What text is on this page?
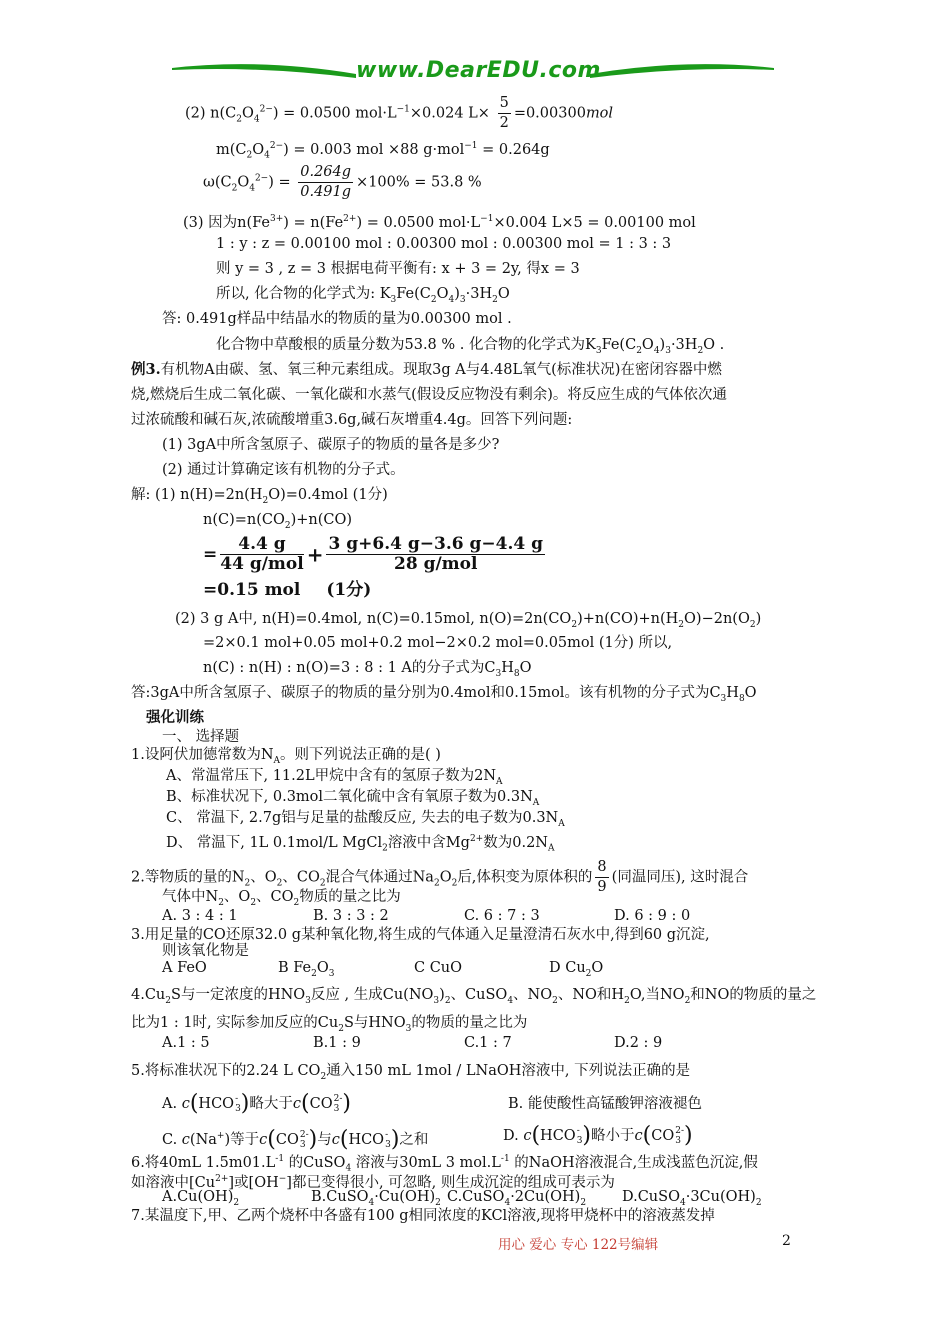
www.DearEDU.com
(2) $n(C_2O_4^{2-}) = 0.0500$ $mol\cdot L^{-1}\times 0.024$ $L\times \frac{5}{2} =0.00300mol$
$m(C_2O_4^{2-}) = 0.003$ mol ×88 g·mol$^{-1}$ = 0.264g
$\omega(C_2O_4^{2-}) = \frac{0.264g}{0.491g} \times 100\% = 53.8$ %
(3) 因为$n(Fe^{3+}) = n(Fe^{2+}) = 0.0500$ $mol\cdot L^{-1}\times 0.004$ L×5 = 0.00100 mol
1 : y : z = 0.00100 mol : 0.00300 mol : 0.00300 mol = 1 : 3 : 3
则 y = 3 , z = 3 根据电荷平衡有: x + 3 = 2y, 得x = 3
所以, 化合物的化学式为: $K_3Fe(C_2O_4)_3\cdot 3H_2O$
答: 0.491g样品中结晶水的物质的量为0.00300 mol .
化合物中草酸根的质量分数为53.8 % . 化合物的化学式为$K_3Fe(C_2O_4)_3\cdot 3H_2O$ .
例3.有机物A由碳、氢、氧三种元素组成。现取3g A与4.48L氧气(标准状况)在密闭容器中燃
烧,燃烧后生成二氧化碳、一氧化碳和水蒸气(假设反应物没有剩余)。将反应生成的气体依次通
过浓硫酸和碱石灰,浓硫酸增重3.6g,碱石灰增重4.4g。回答下列问题:
(1) 3gA中所含氢原子、碳原子的物质的量各是多少?
(2) 通过计算确定该有机物的分子式。
解: (1) $n(H)=2n(H_2O)=0.4mol$ (1分)
$n(C)=n(CO_2)+n(CO)$
= $\frac{4.4 g}{\text{44 g/mol}} + \frac{3 g+6.4 g-3.6 g-4.4 g}{\text{28 g/mol}}$
=0.15 mol (1分)
(2) 3 g A中, n(H)=0.4mol, n(C)=0.15mol, $n(O)=2n(CO_2)+n(CO)+n(H_2O)-2n(O_2)$
=2×0.1 mol+0.05 mol+0.2 mol−2×0.2 mol=0.05mol (1分) 所以,
n(C) : n(H) : n(O)=3 : 8 : 1 A的分子式为$C_3H_8O$
答:3gA中所含氢原子、碳原子的物质的量分别为0.4mol和0.15mol。该有机物的分子式为$C_3H_8O$
强化训练
一、 选择题
1.设阿伏加德常数为$N_A$。则下列说法正确的是( )
A、常温常压下, 11.2L甲烷中含有的氢原子数为$2N_A$
B、标准状况下, 0.3mol二氧化硫中含有氧原子数为$0.3N_A$
C、 常温下, 2.7g铝与足量的盐酸反应, 失去的电子数为$0.3N_A$
D、 常温下, 1L 0.1mol/L MgCl$_2$溶液中含$Mg^{2+}$数为$0.2N_A$
2.等物质的量的$N_2$、$O_2$、$CO_2$混合气体通过$Na_2O_2$后,体积变为原体积的 $\frac{8}{9}$ (同温同压), 这时混合
气体中$N_2$、$O_2$、$CO_2$物质的量之比为
A. 3 : 4 : 1	B. 3 : 3 : 2	C. 6 : 7 : 3	D. 6 : 9 : 0
3.用足量的CO还原32.0 g某种氧化物,将生成的气体通入足量澄清石灰水中,得到60 g沉淀,
则该氧化物是
A FeO	B $Fe_2O_3$	C CuO	D $Cu_2O$
$4.Cu_2S$与一定浓度的$HNO_3$反应 , 生成$Cu(NO_3)_2$、CuSO$_4$、$NO_2$、NO和$H_2O$,当$NO_2$和NO的物质的量之
比为1 : 1时, 实际参加反应的$Cu_2S$与$HNO_3$的物质的量之比为
A.1 : 5	B.1 : 9	C.1 : 7	D.2 : 9
5.将标准状况下的2.24 L $CO_2$通入150 mL 1mol / LNaOH溶液中, 下列说法正确的是
A. c ( HCO -
3 ) 略大于 c ( CO 2-
3 )	B. 能使酸性高锰酸钾溶液褪色
C. c(Na+)等于 c ( CO 2-
3 ) 与 c ( HCO -
3 ) 之和	D. c ( HCO -
3 ) 略小于 c ( CO 2-
3 )
6.将40mL $1.5m01.L^{-1}$ 的CuSO$_4$ 溶液与30mL 3 $mol.L^{-1}$ 的NaOH溶液混合,生成浅蓝色沉淀,假
如溶液中$[Cu^{2+}]$或[OH−]都已变得很小, 可忽略, 则生成沉淀的组成可表示为
$A.Cu(OH)_2$	$B.CuSO_4\cdot Cu(OH)_2$ $C.CuSO_4\cdot 2Cu(OH)_2$ $D.CuSO_4\cdot 3Cu(OH)_2$
7.某温度下,甲、乙两个烧杯中各盛有100 g相同浓度的KCl溶液,现将甲烧杯中的溶液蒸发掉
用心 爱心 专心 122号编辑	2
